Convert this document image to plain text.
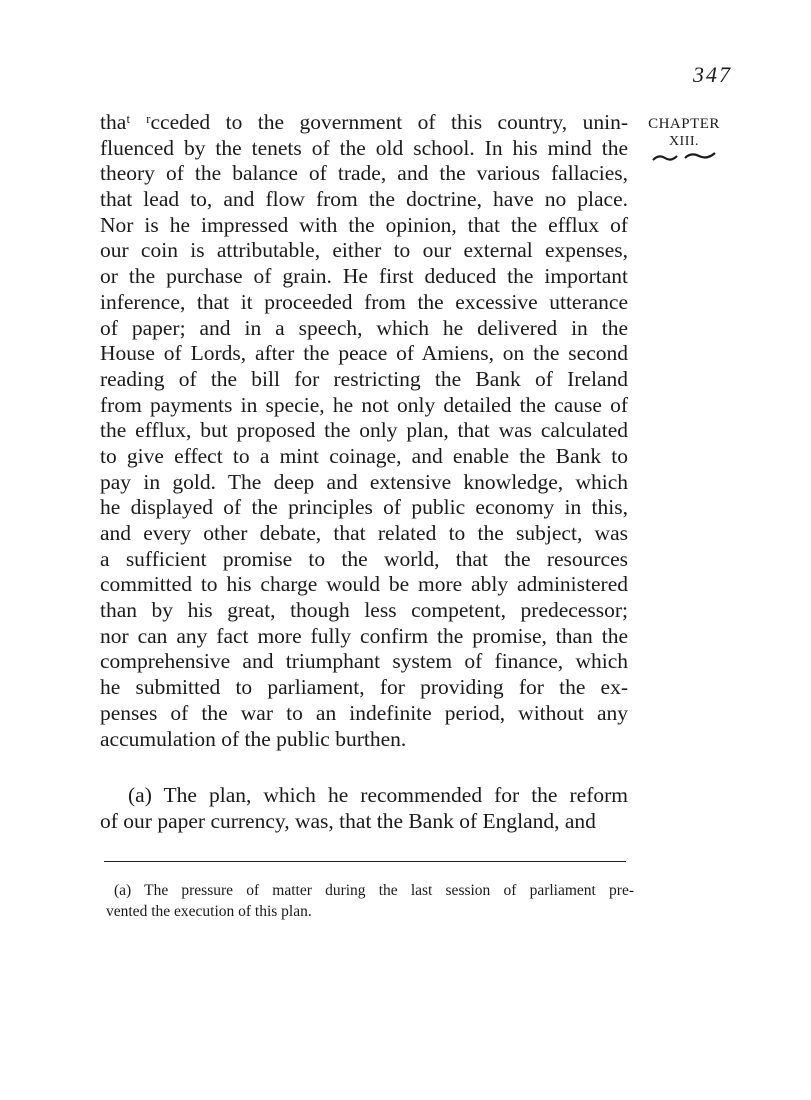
347
CHAPTER
XIII.
thaᵗ ʳcceded to the government of this country, unin-
fluenced by the tenets of the old school. In his mind the
theory of the balance of trade, and the various fallacies,
that lead to, and flow from the doctrine, have no place.
Nor is he impressed with the opinion, that the efflux of
our coin is attributable, either to our external expenses,
or the purchase of grain. He first deduced the important
inference, that it proceeded from the excessive utterance
of paper; and in a speech, which he delivered in the
House of Lords, after the peace of Amiens, on the second
reading of the bill for restricting the Bank of Ireland
from payments in specie, he not only detailed the cause of
the efflux, but proposed the only plan, that was calculated
to give effect to a mint coinage, and enable the Bank to
pay in gold. The deep and extensive knowledge, which
he displayed of the principles of public economy in this,
and every other debate, that related to the subject, was
a sufficient promise to the world, that the resources
committed to his charge would be more ably administered
than by his great, though less competent, predecessor;
nor can any fact more fully confirm the promise, than the
comprehensive and triumphant system of finance, which
he submitted to parliament, for providing for the ex-
penses of the war to an indefinite period, without any
accumulation of the public burthen.
(a) The plan, which he recommended for the reform
of our paper currency, was, that the Bank of England, and
(a) The pressure of matter during the last session of parliament pre-
vented the execution of this plan.
